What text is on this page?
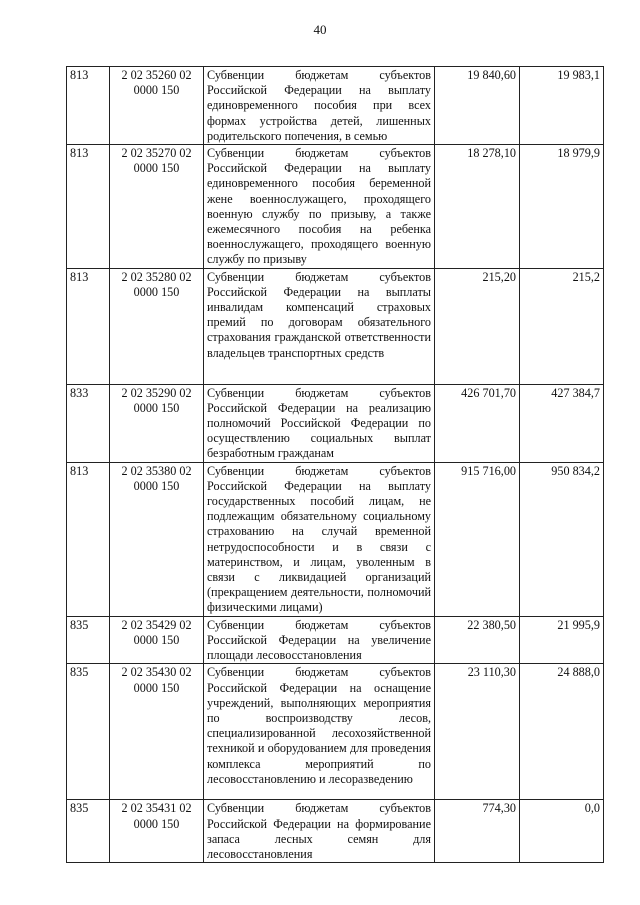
40
813	2 02 35260 02 0000 150	Субвенции бюджетам субъектов Российской Федерации на выплату единовременного пособия при всех формах устройства детей, лишенных родительского попечения, в семью	19 840,60	19 983,1
813	2 02 35270 02 0000 150	Субвенции бюджетам субъектов Российской Федерации на выплату единовременного пособия беременной жене военнослужащего, проходящего военную службу по призыву, а также ежемесячного пособия на ребенка военнослужащего, проходящего военную службу по призыву	18 278,10	18 979,9
813	2 02 35280 02 0000 150	Субвенции бюджетам субъектов Российской Федерации на выплаты инвалидам компенсаций страховых премий по договорам обязательного страхования гражданской ответственности владельцев транспортных средств	215,20	215,2
833	2 02 35290 02 0000 150	Субвенции бюджетам субъектов Российской Федерации на реализацию полномочий Российской Федерации по осуществлению социальных выплат безработным гражданам	426 701,70	427 384,7
813	2 02 35380 02 0000 150	Субвенции бюджетам субъектов Российской Федерации на выплату государственных пособий лицам, не подлежащим обязательному социальному страхованию на случай временной нетрудоспособности и в связи с материнством, и лицам, уволенным в связи с ликвидацией организаций (прекращением деятельности, полномочий физическими лицами)	915 716,00	950 834,2
835	2 02 35429 02 0000 150	Субвенции бюджетам субъектов Российской Федерации на увеличение площади лесовосстановления	22 380,50	21 995,9
835	2 02 35430 02 0000 150	Субвенции бюджетам субъектов Российской Федерации на оснащение учреждений, выполняющих мероприятия по воспроизводству лесов, специализированной лесохозяйственной техникой и оборудованием для проведения комплекса мероприятий по лесовосстановлению и лесоразведению	23 110,30	24 888,0
835	2 02 35431 02 0000 150	Субвенции бюджетам субъектов Российской Федерации на формирование запаса лесных семян для лесовосстановления	774,30	0,0
